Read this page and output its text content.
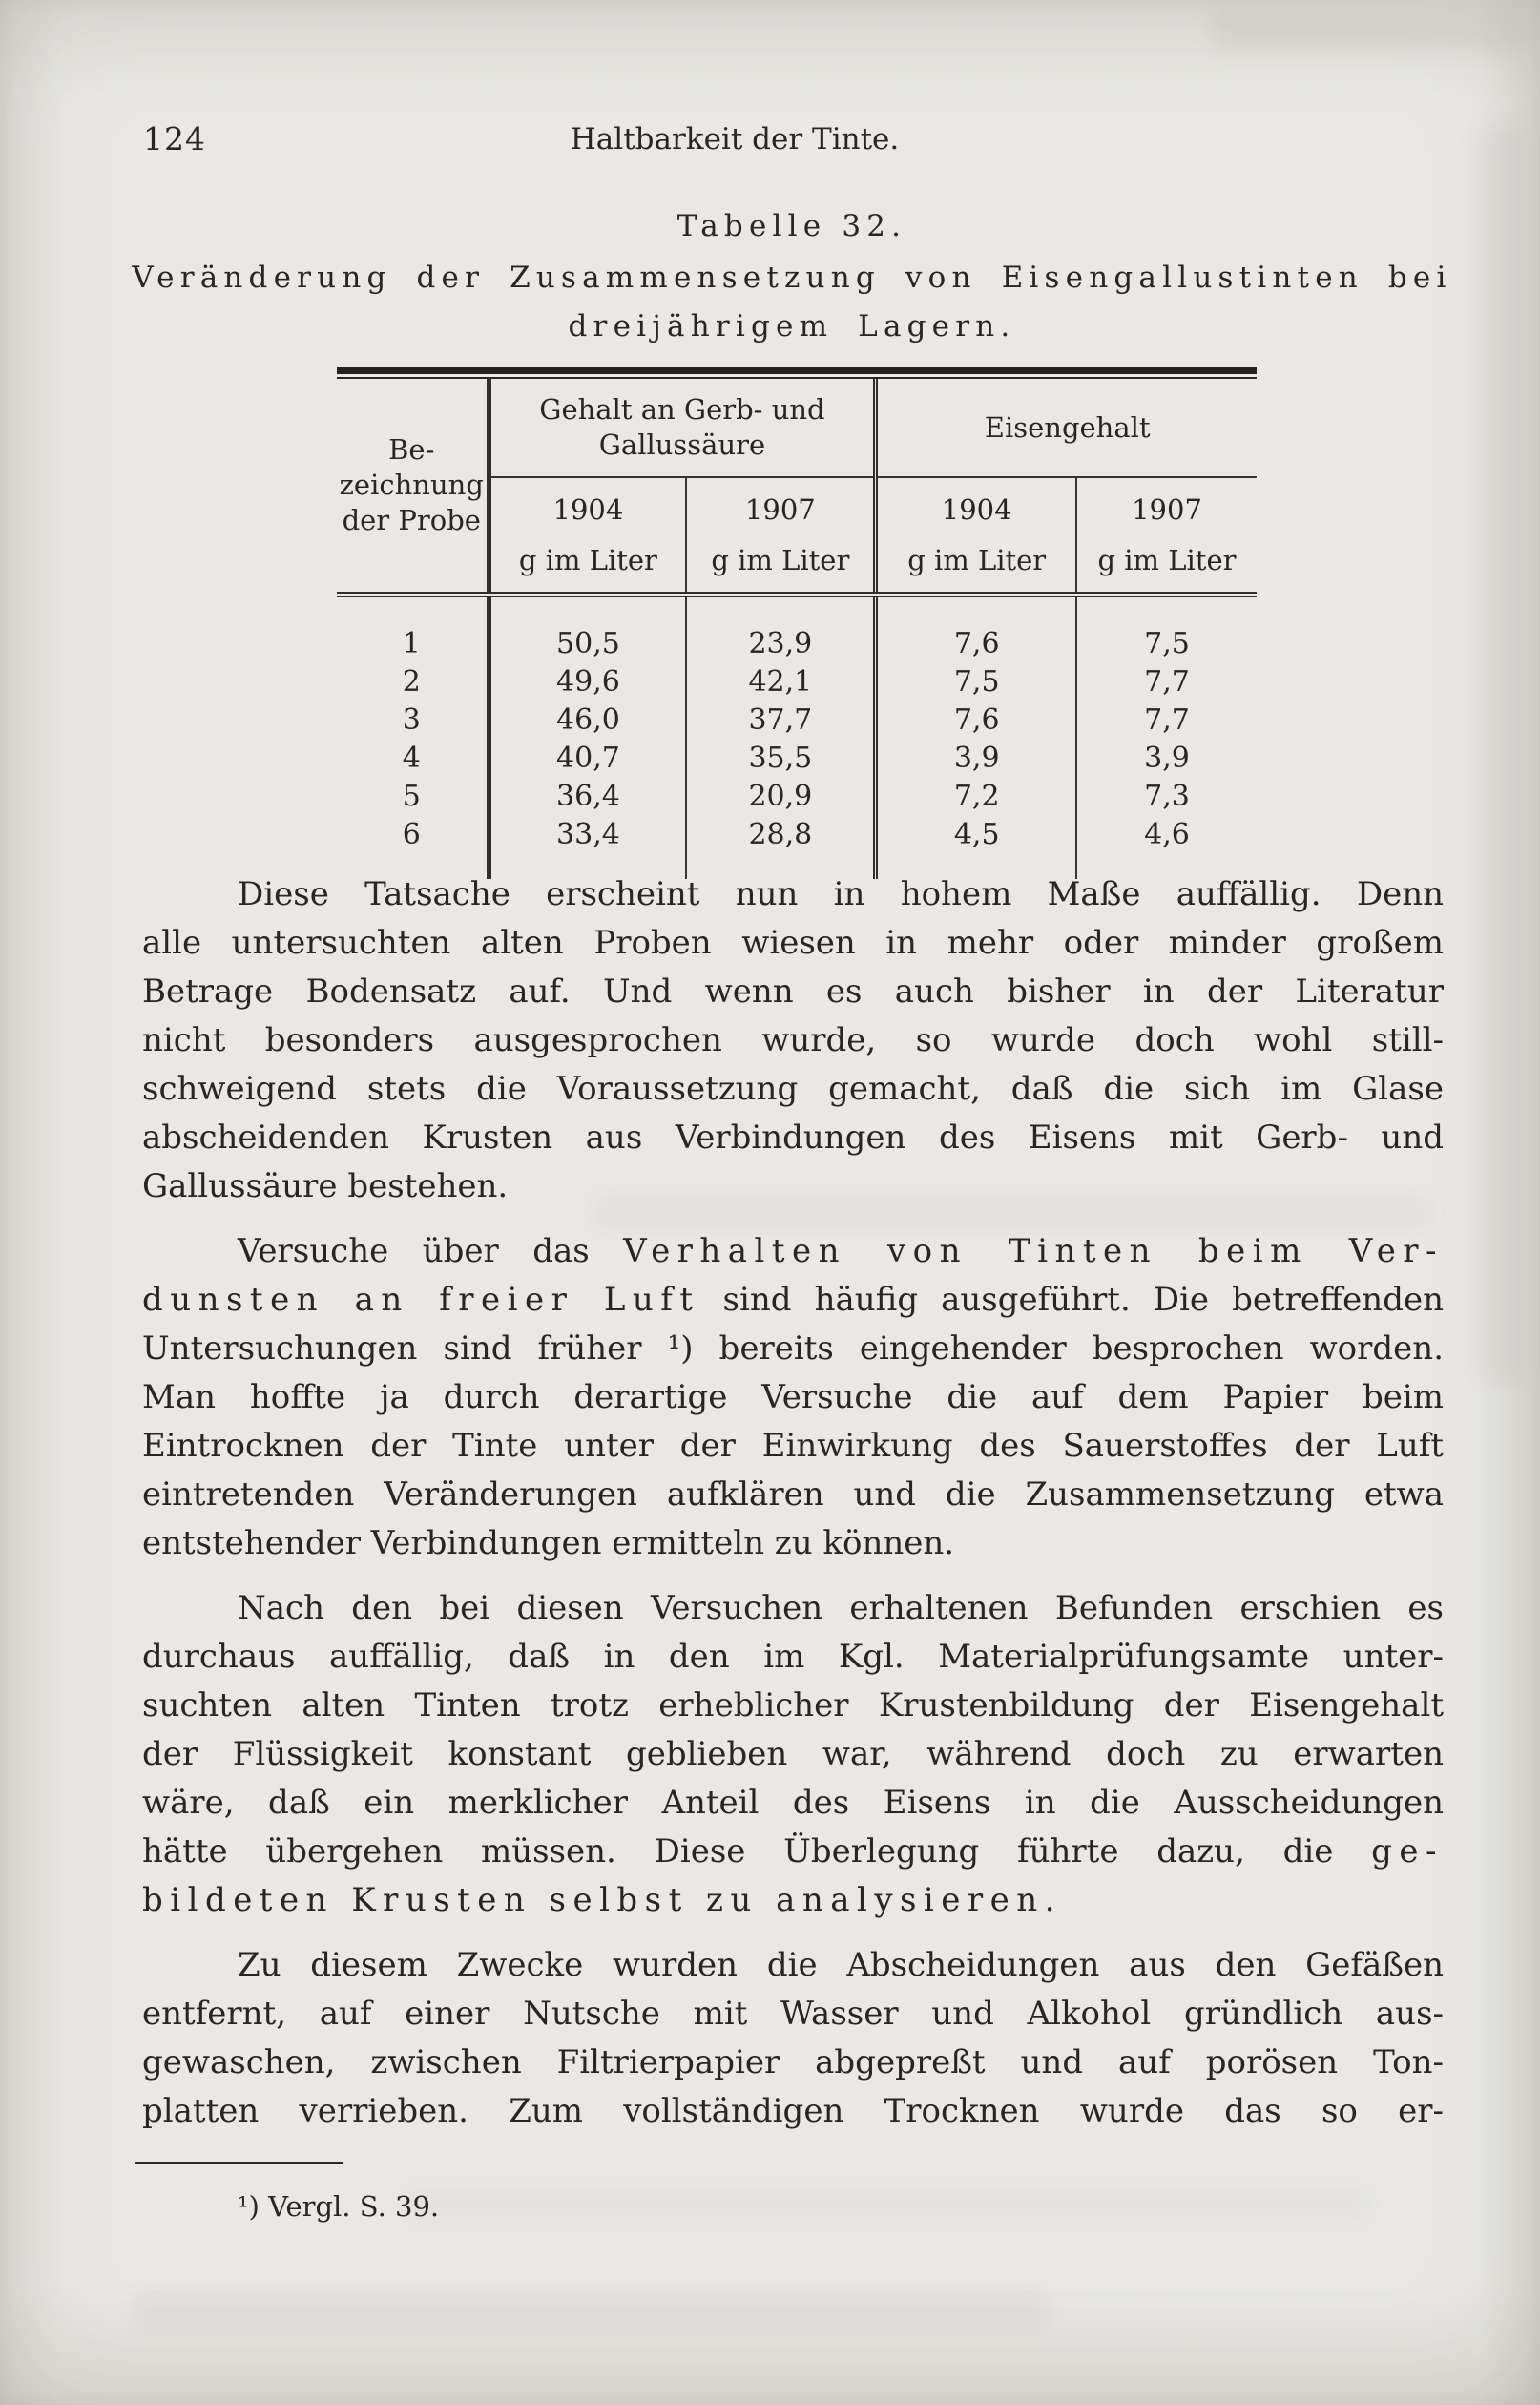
124	Haltbarkeit der Tinte.
Tabelle 32.
Veränderung der Zusammensetzung von Eisengallustinten bei
dreijährigem Lagern.
Be-
zeichnung
der Probe	Gehalt an Gerb- und
Gallussäure		Eisengehalt	
	1904	1907	1904	1907
	g im Liter	g im Liter	g im Liter	g im Liter
1	50,5	23,9	7,6	7,5
2	49,6	42,1	7,5	7,7
3	46,0	37,7	7,6	7,7
4	40,7	35,5	3,9	3,9
5	36,4	20,9	7,2	7,3
6	33,4	28,8	4,5	4,6

Diese Tatsache erscheint nun in hohem Maße auffällig. Denn
alle untersuchten alten Proben wiesen in mehr oder minder großem
Betrage Bodensatz auf. Und wenn es auch bisher in der Literatur
nicht besonders ausgesprochen wurde, so wurde doch wohl still-
schweigend stets die Voraussetzung gemacht, daß die sich im Glase
abscheidenden Krusten aus Verbindungen des Eisens mit Gerb- und
Gallussäure bestehen.
Versuche über das Verhalten von Tinten beim Ver-
dunsten an freier Luft sind häufig ausgeführt. Die betreffenden
Untersuchungen sind früher ¹) bereits eingehender besprochen worden.
Man hoffte ja durch derartige Versuche die auf dem Papier beim
Eintrocknen der Tinte unter der Einwirkung des Sauerstoffes der Luft
eintretenden Veränderungen aufklären und die Zusammensetzung etwa
entstehender Verbindungen ermitteln zu können.
Nach den bei diesen Versuchen erhaltenen Befunden erschien es
durchaus auffällig, daß in den im Kgl. Materialprüfungsamte unter-
suchten alten Tinten trotz erheblicher Krustenbildung der Eisengehalt
der Flüssigkeit konstant geblieben war, während doch zu erwarten
wäre, daß ein merklicher Anteil des Eisens in die Ausscheidungen
hätte übergehen müssen. Diese Überlegung führte dazu, die ge-
bildeten Krusten selbst zu analysieren.
Zu diesem Zwecke wurden die Abscheidungen aus den Gefäßen
entfernt, auf einer Nutsche mit Wasser und Alkohol gründlich aus-
gewaschen, zwischen Filtrierpapier abgepreßt und auf porösen Ton-
platten verrieben. Zum vollständigen Trocknen wurde das so er-
¹) Vergl. S. 39.
